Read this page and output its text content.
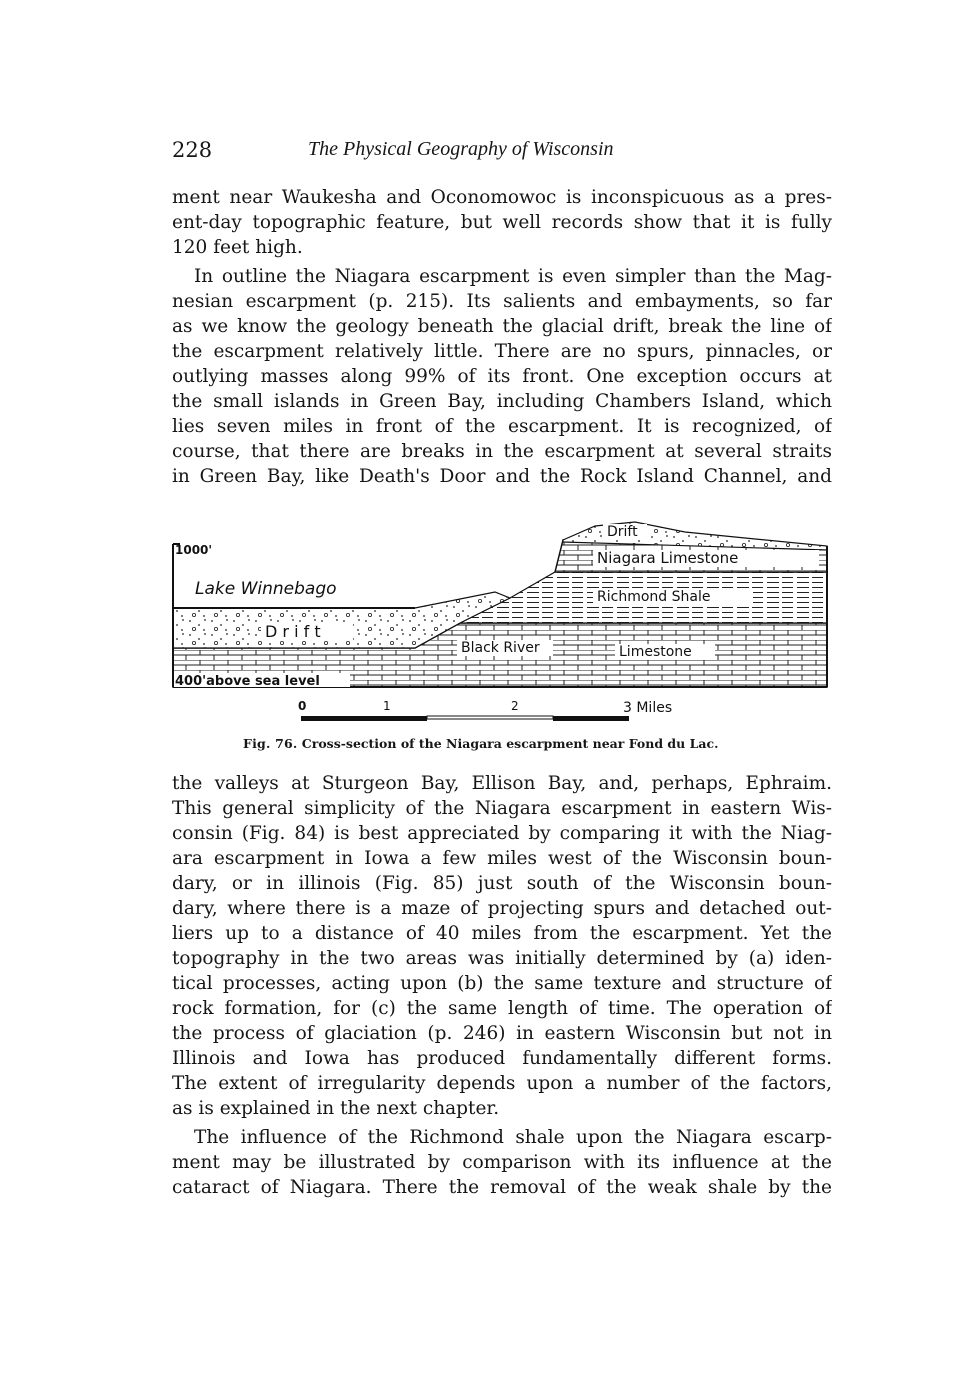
228	The Physical Geography of Wisconsin
ment near Waukesha and Oconomowoc is inconspicuous as a pres-
ent-day topographic feature, but well records show that it is fully
120 feet high.
In outline the Niagara escarpment is even simpler than the Mag-
nesian escarpment (p. 215). Its salients and embayments, so far
as we know the geology beneath the glacial drift, break the line of
the escarpment relatively little. There are no spurs, pinnacles, or
outlying masses along 99% of its front. One exception occurs at
the small islands in Green Bay, including Chambers Island, which
lies seven miles in front of the escarpment. It is recognized, of
course, that there are breaks in the escarpment at several straits
in Green Bay, like Death's Door and the Rock Island Channel, and
1000'
Lake Winnebago
D r i f t
Drift
Niagara Limestone
Richmond Shale
Black River	Limestone
400'above sea level
0	1	2	3 Miles
Fig. 76. Cross-section of the Niagara escarpment near Fond du Lac.
the valleys at Sturgeon Bay, Ellison Bay, and, perhaps, Ephraim.
This general simplicity of the Niagara escarpment in eastern Wis-
consin (Fig. 84) is best appreciated by comparing it with the Niag-
ara escarpment in Iowa a few miles west of the Wisconsin boun-
dary, or in illinois (Fig. 85) just south of the Wisconsin boun-
dary, where there is a maze of projecting spurs and detached out-
liers up to a distance of 40 miles from the escarpment. Yet the
topography in the two areas was initially determined by (a) iden-
tical processes, acting upon (b) the same texture and structure of
rock formation, for (c) the same length of time. The operation of
the process of glaciation (p. 246) in eastern Wisconsin but not in
Illinois and Iowa has produced fundamentally different forms.
The extent of irregularity depends upon a number of the factors,
as is explained in the next chapter.
The influence of the Richmond shale upon the Niagara escarp-
ment may be illustrated by comparison with its influence at the
cataract of Niagara. There the removal of the weak shale by the
